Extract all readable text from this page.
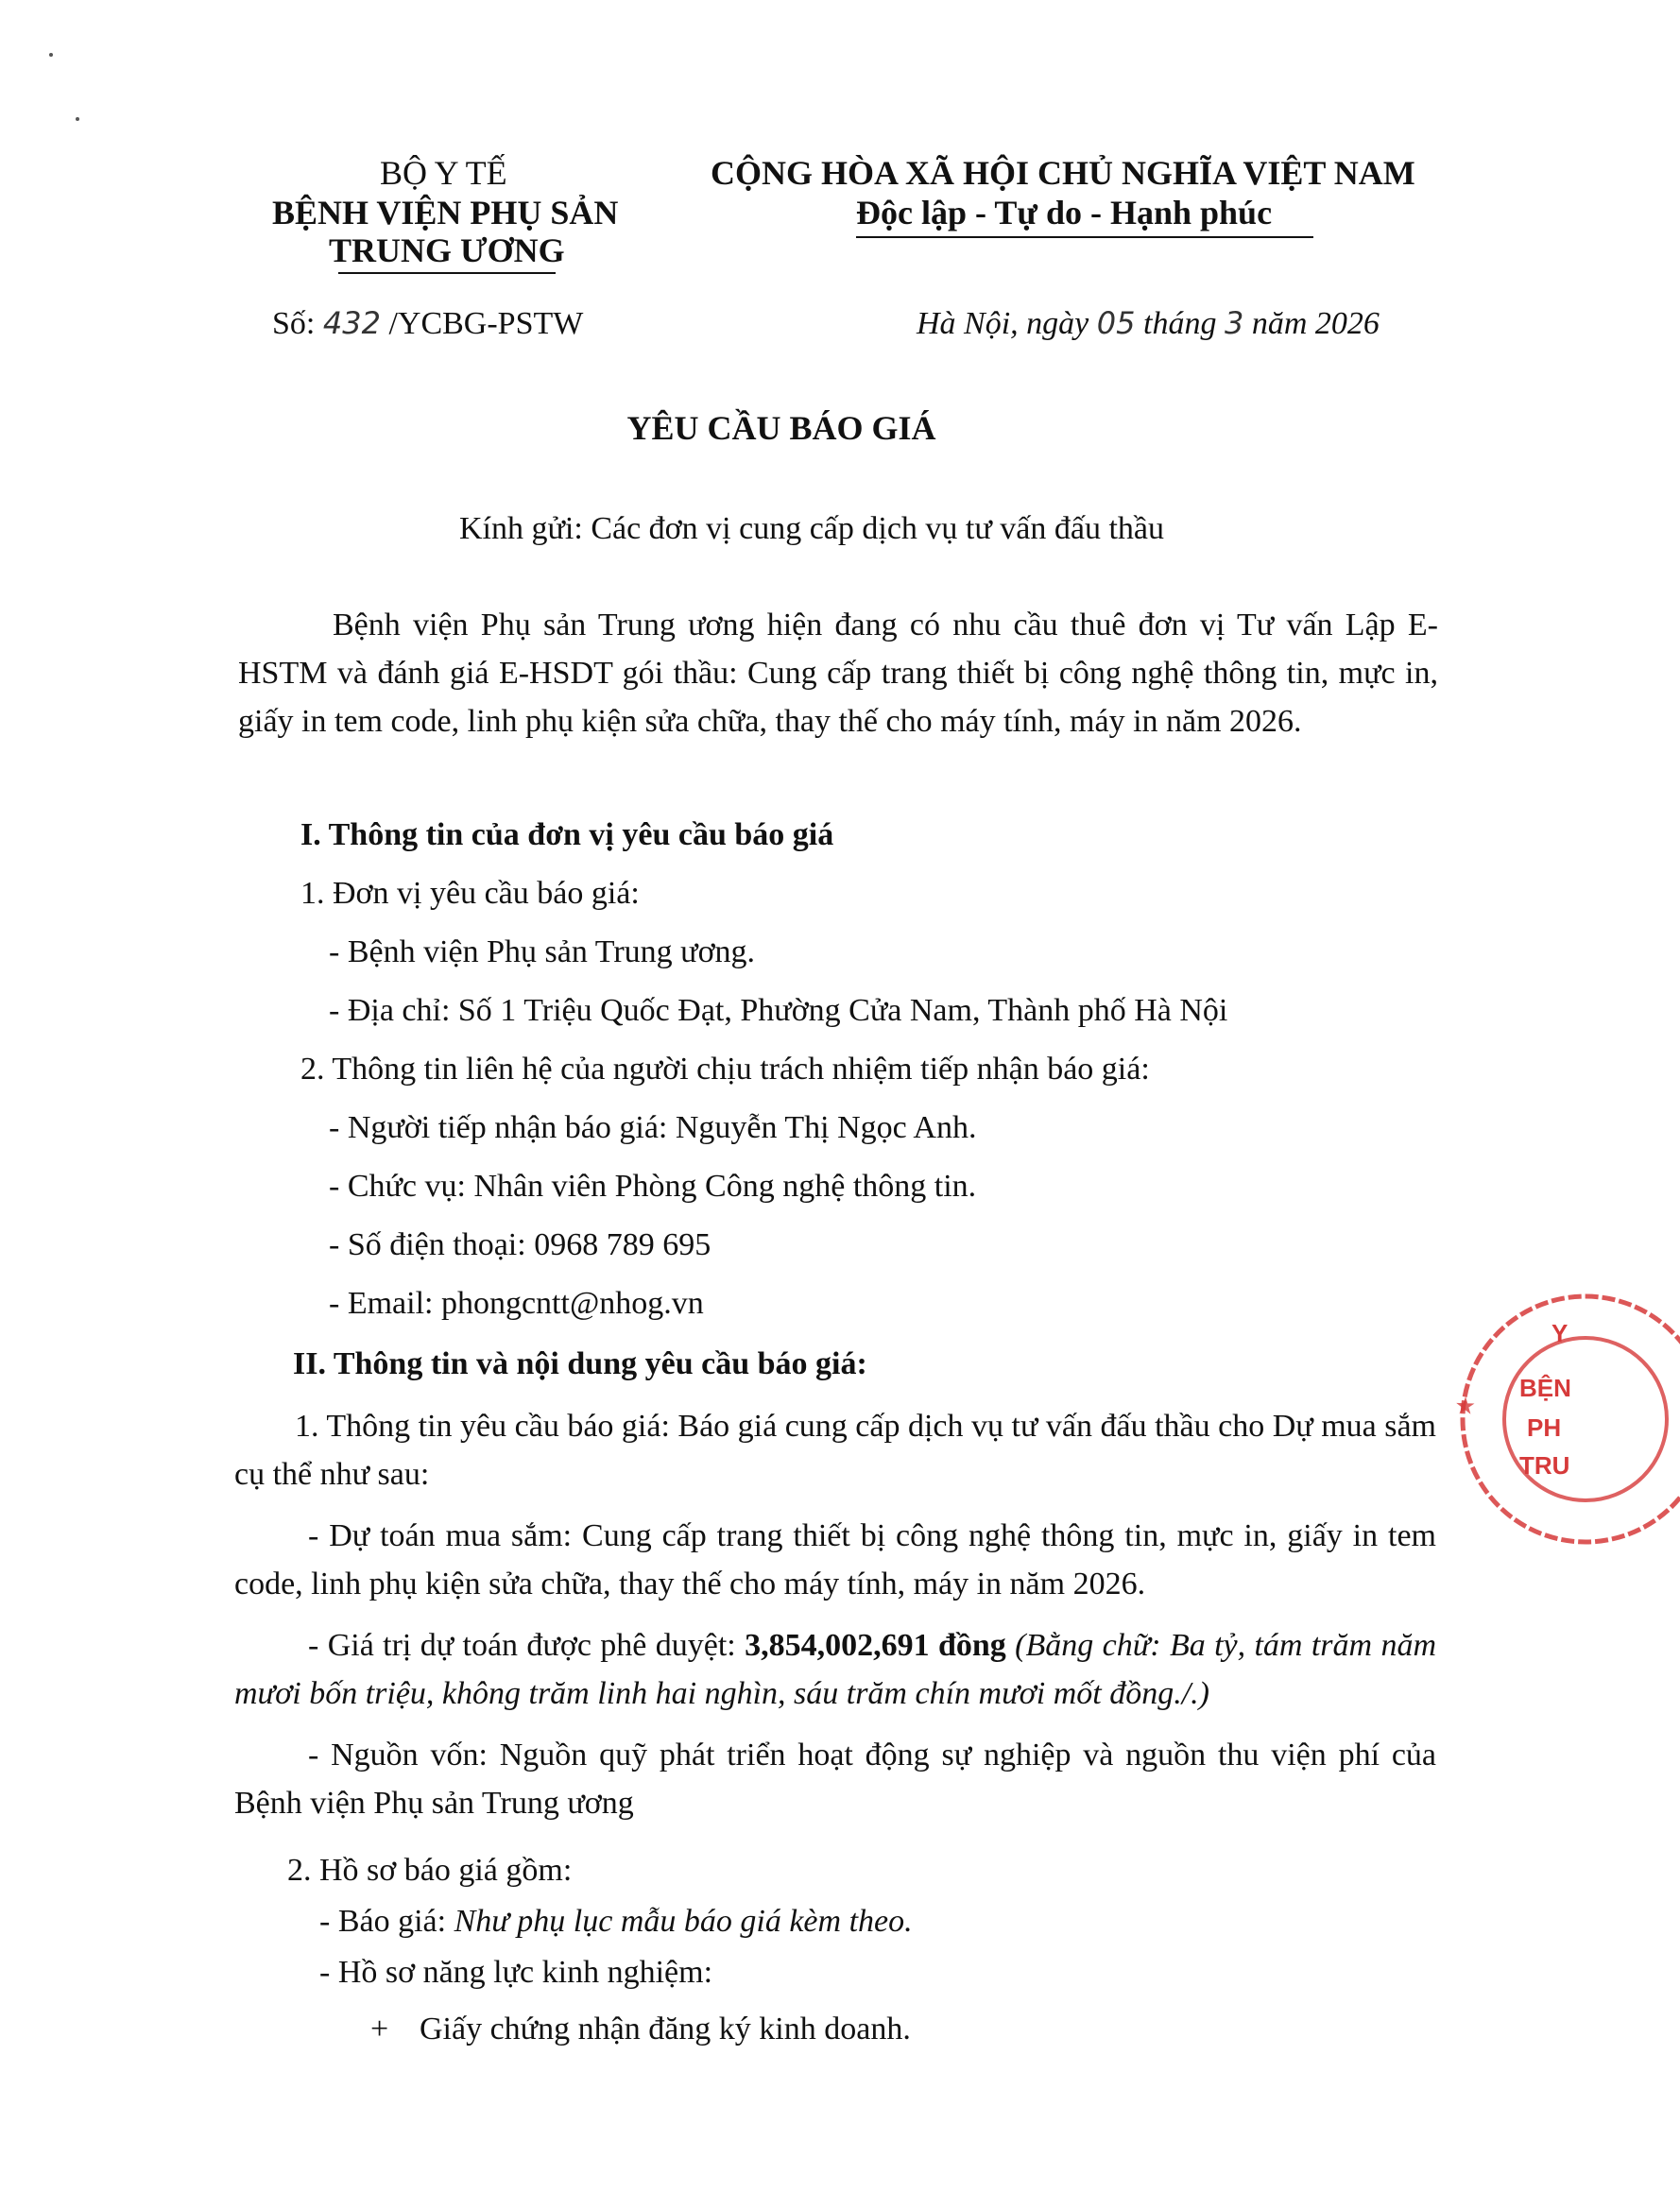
BỘ Y TẾ
BỆNH VIỆN PHỤ SẢN
TRUNG ƯƠNG
CỘNG HÒA XÃ HỘI CHỦ NGHĨA VIỆT NAM
Độc lập - Tự do - Hạnh phúc
Số: 432 /YCBG-PSTW	Hà Nội, ngày 05 tháng 3 năm 2026
YÊU CẦU BÁO GIÁ
Kính gửi: Các đơn vị cung cấp dịch vụ tư vấn đấu thầu
Bệnh viện Phụ sản Trung ương hiện đang có nhu cầu thuê đơn vị Tư vấn Lập E-HSTM và đánh giá E-HSDT gói thầu: Cung cấp trang thiết bị công nghệ thông tin, mực in, giấy in tem code, linh phụ kiện sửa chữa, thay thế cho máy tính, máy in năm 2026.
I. Thông tin của đơn vị yêu cầu báo giá
1. Đơn vị yêu cầu báo giá:
- Bệnh viện Phụ sản Trung ương.
- Địa chỉ: Số 1 Triệu Quốc Đạt, Phường Cửa Nam, Thành phố Hà Nội
2. Thông tin liên hệ của người chịu trách nhiệm tiếp nhận báo giá:
- Người tiếp nhận báo giá: Nguyễn Thị Ngọc Anh.
- Chức vụ: Nhân viên Phòng Công nghệ thông tin.
- Số điện thoại: 0968 789 695
- Email: phongcntt@nhog.vn
II. Thông tin và nội dung yêu cầu báo giá:
1. Thông tin yêu cầu báo giá: Báo giá cung cấp dịch vụ tư vấn đấu thầu cho Dự mua sắm cụ thể như sau:
- Dự toán mua sắm: Cung cấp trang thiết bị công nghệ thông tin, mực in, giấy in tem code, linh phụ kiện sửa chữa, thay thế cho máy tính, máy in năm 2026.
- Giá trị dự toán được phê duyệt: 3,854,002,691 đồng (Bằng chữ: Ba tỷ, tám trăm năm mươi bốn triệu, không trăm linh hai nghìn, sáu trăm chín mươi mốt đồng./.)
- Nguồn vốn: Nguồn quỹ phát triển hoạt động sự nghiệp và nguồn thu viện phí của Bệnh viện Phụ sản Trung ương
2. Hồ sơ báo giá gồm:
- Báo giá: Như phụ lục mẫu báo giá kèm theo.
- Hồ sơ năng lực kinh nghiệm:
+ Giấy chứng nhận đăng ký kinh doanh.
Y
★
BỆN
PH
TRU
